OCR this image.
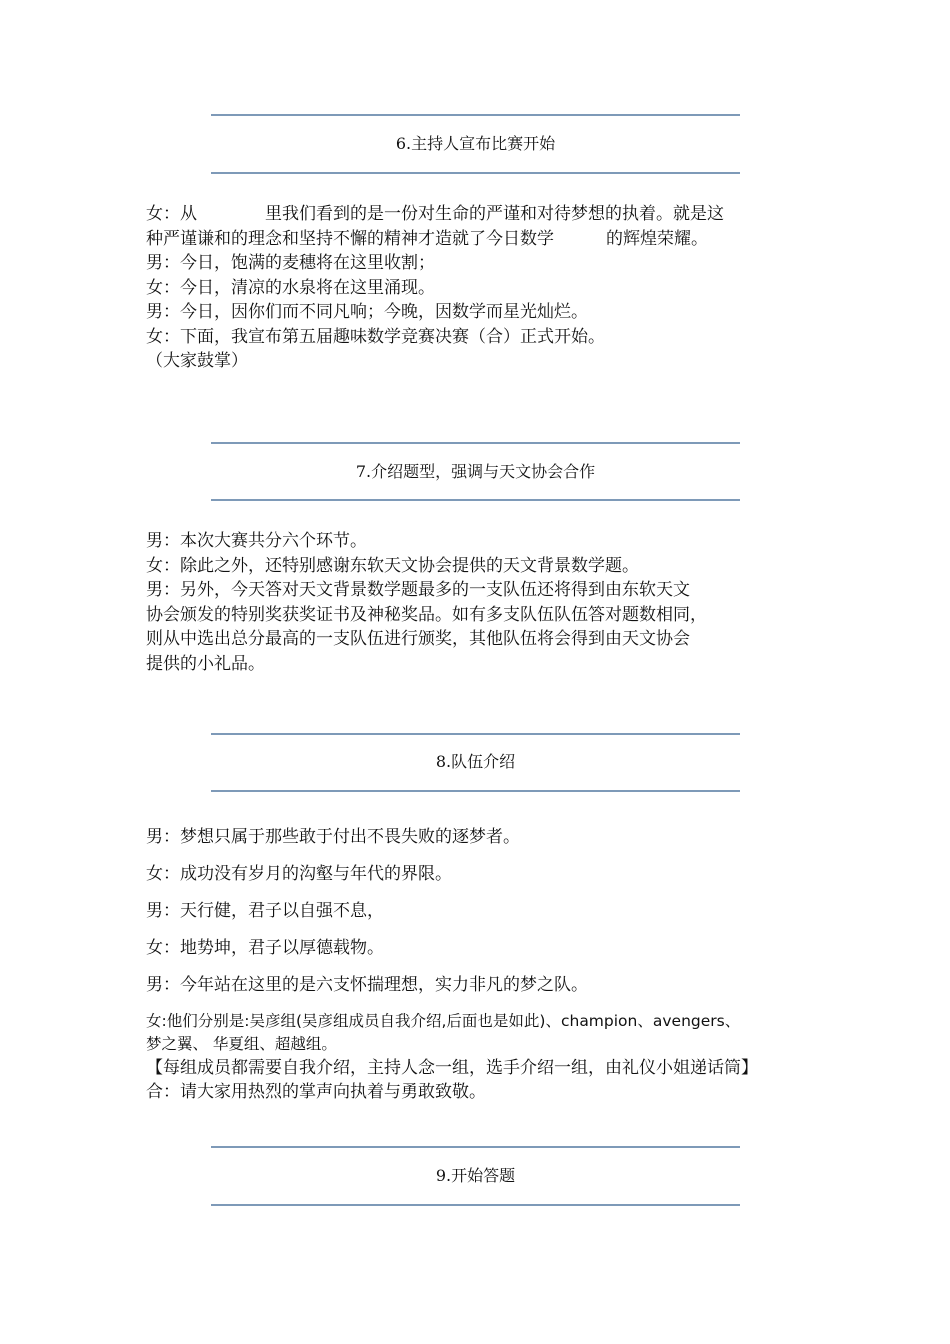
6.主持人宣布比赛开始

女：从	里我们看到的是一份对生命的严谨和对待梦想的执着。就是这

种严谨谦和的理念和坚持不懈的精神才造就了今日数学	的辉煌荣耀。

男：今日，饱满的麦穗将在这里收割；

女：今日，清凉的水泉将在这里涌现。

男：今日，因你们而不同凡响；今晚，因数学而星光灿烂。

女：下面，我宣布第五届趣味数学竞赛决赛（合）正式开始。

（大家鼓掌）

7.介绍题型，强调与天文协会合作

男：本次大赛共分六个环节。

女：除此之外，还特别感谢东软天文协会提供的天文背景数学题。

男：另外，今天答对天文背景数学题最多的一支队伍还将得到由东软天文

协会颁发的特别奖获奖证书及神秘奖品。如有多支队伍队伍答对题数相同，

则从中选出总分最高的一支队伍进行颁奖，其他队伍将会得到由天文协会

提供的小礼品。

8.队伍介绍

男：梦想只属于那些敢于付出不畏失败的逐梦者。

女：成功没有岁月的沟壑与年代的界限。

男：天行健，君子以自强不息，

女：地势坤，君子以厚德载物。

男：今年站在这里的是六支怀揣理想，实力非凡的梦之队。

女:他们分别是:吴彦组(吴彦组成员自我介绍,后面也是如此)、champion、avengers、

梦之翼、 华夏组、超越组。

【每组成员都需要自我介绍，主持人念一组，选手介绍一组，由礼仪小姐递话筒】

合：请大家用热烈的掌声向执着与勇敢致敬。

9.开始答题
